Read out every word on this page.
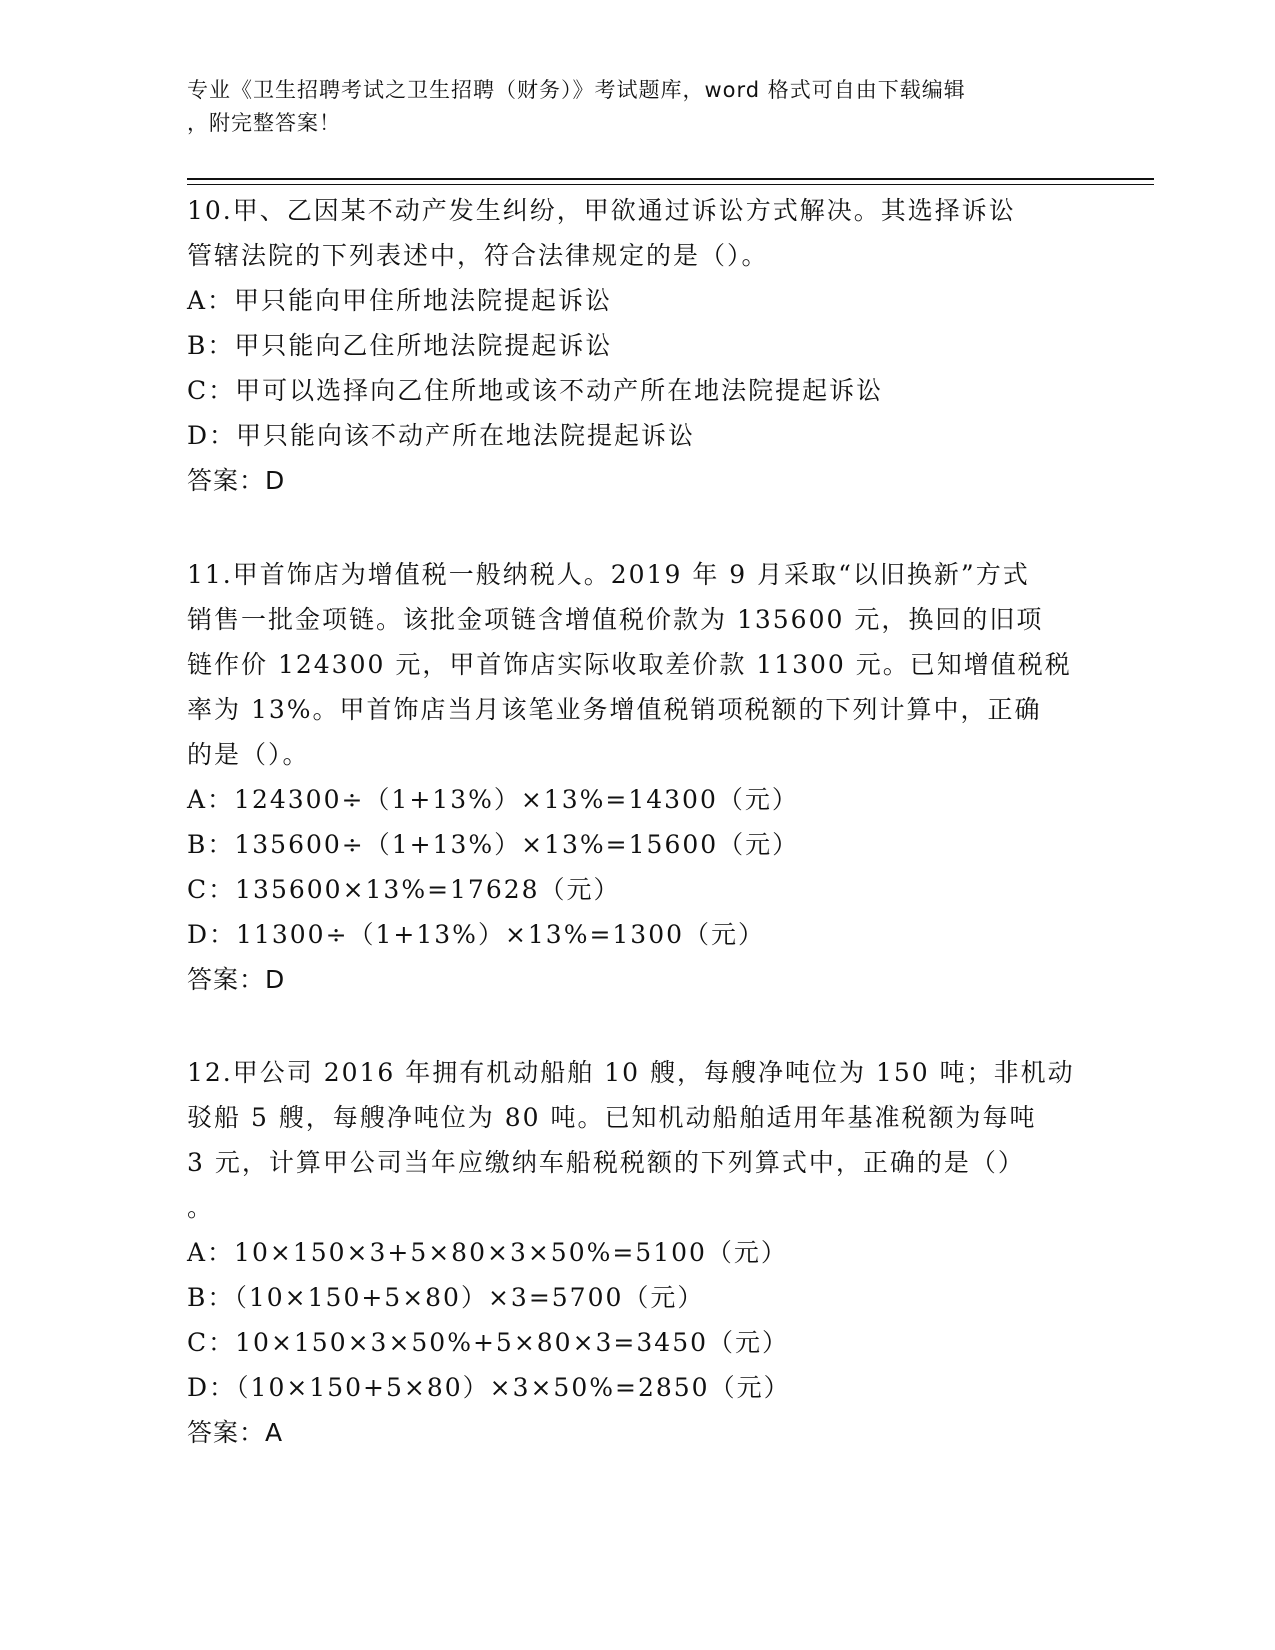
专业《卫生招聘考试之卫生招聘（财务）》考试题库，word 格式可自由下载编辑
，附完整答案！
10.甲、乙因某不动产发生纠纷，甲欲通过诉讼方式解决。其选择诉讼
管辖法院的下列表述中，符合法律规定的是（）。
A：甲只能向甲住所地法院提起诉讼
B：甲只能向乙住所地法院提起诉讼
C：甲可以选择向乙住所地或该不动产所在地法院提起诉讼
D：甲只能向该不动产所在地法院提起诉讼
答案：D
11.甲首饰店为增值税一般纳税人。2019 年 9 月采取“以旧换新”方式
销售一批金项链。该批金项链含增值税价款为 135600 元，换回的旧项
链作价 124300 元，甲首饰店实际收取差价款 11300 元。已知增值税税
率为 13%。甲首饰店当月该笔业务增值税销项税额的下列计算中，正确
的是（）。
A：124300÷（1+13%）×13%=14300（元）
B：135600÷（1+13%）×13%=15600（元）
C：135600×13%=17628（元）
D：11300÷（1+13%）×13%=1300（元）
答案：D
12.甲公司 2016 年拥有机动船舶 10 艘，每艘净吨位为 150 吨；非机动
驳船 5 艘，每艘净吨位为 80 吨。已知机动船舶适用年基准税额为每吨
3 元，计算甲公司当年应缴纳车船税税额的下列算式中，正确的是（）
。
A：10×150×3+5×80×3×50%=5100（元）
B：（10×150+5×80）×3=5700（元）
C：10×150×3×50%+5×80×3=3450（元）
D：（10×150+5×80）×3×50%=2850（元）
答案：A
